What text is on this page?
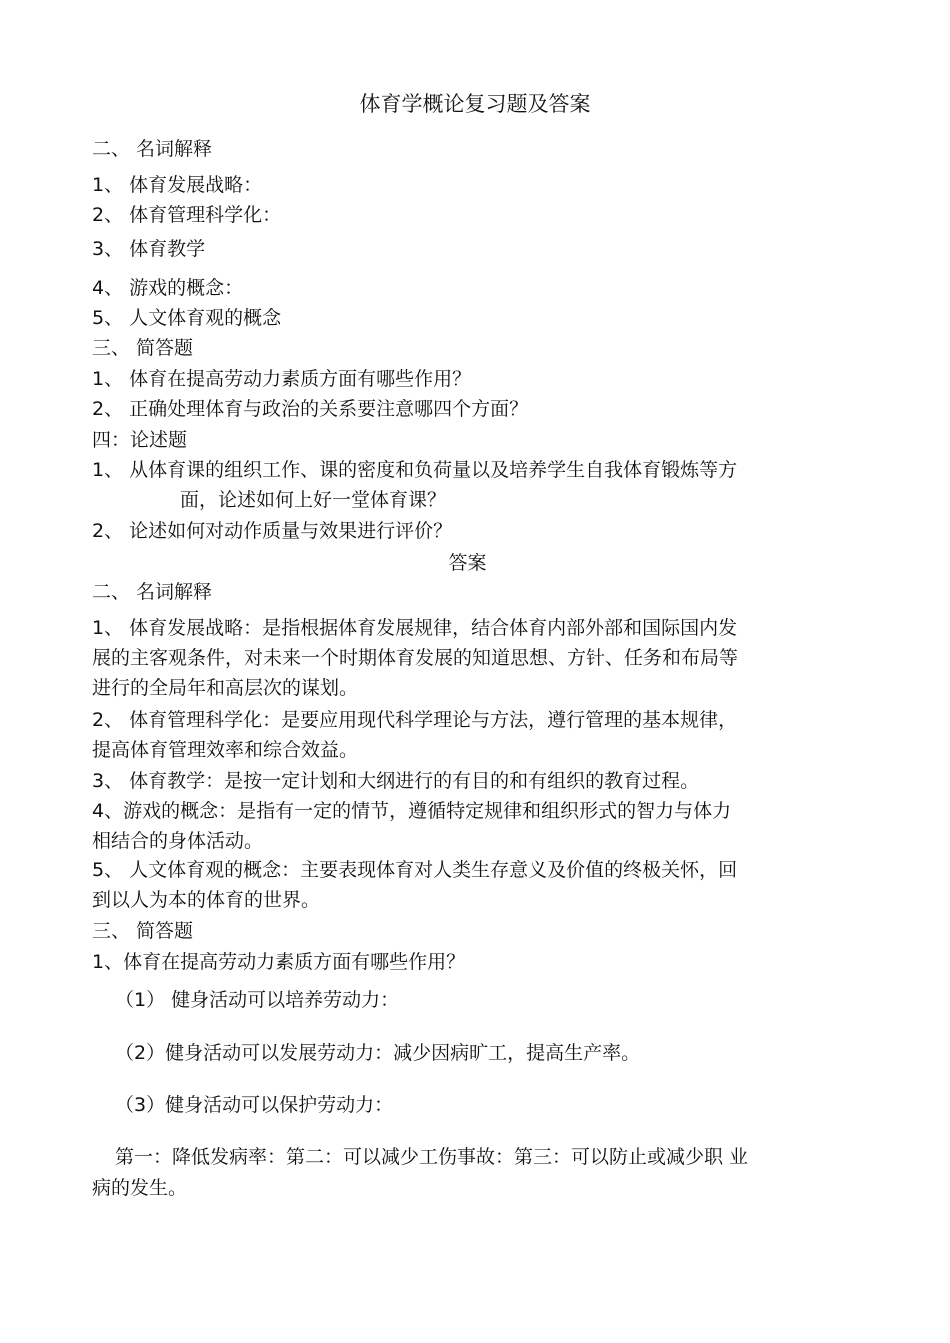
体育学概论复习题及答案
二、 名词解释
1、 体育发展战略：
2、 体育管理科学化：
3、 体育教学
4、 游戏的概念：
5、 人文体育观的概念
三、 简答题
1、 体育在提高劳动力素质方面有哪些作用？
2、 正确处理体育与政治的关系要注意哪四个方面？
四：论述题
1、 从体育课的组织工作、课的密度和负荷量以及培养学生自我体育锻炼等方
面，论述如何上好一堂体育课？
2、 论述如何对动作质量与效果进行评价？
答案
二、 名词解释
1、 体育发展战略：是指根据体育发展规律，结合体育内部外部和国际国内发
展的主客观条件，对未来一个时期体育发展的知道思想、方针、任务和布局等
进行的全局年和高层次的谋划。
2、 体育管理科学化：是要应用现代科学理论与方法，遵行管理的基本规律，
提高体育管理效率和综合效益。
3、 体育教学：是按一定计划和大纲进行的有目的和有组织的教育过程。
4、游戏的概念：是指有一定的情节，遵循特定规律和组织形式的智力与体力
相结合的身体活动。
5、 人文体育观的概念：主要表现体育对人类生存意义及价值的终极关怀，回
到以人为本的体育的世界。
三、 简答题
1、体育在提高劳动力素质方面有哪些作用？
（1） 健身活动可以培养劳动力：
（2）健身活动可以发展劳动力：减少因病旷工，提高生产率。
（3）健身活动可以保护劳动力：
第一：降低发病率：第二：可以减少工伤事故：第三：可以防止或减少职 业
病的发生。
